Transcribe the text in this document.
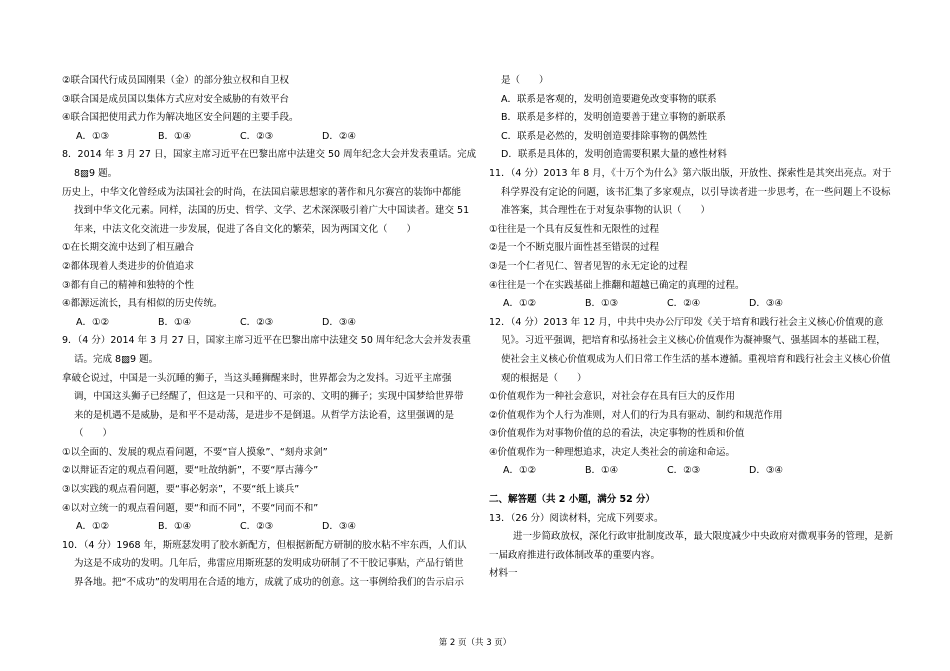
②联合国代行成员国刚果（金）的部分独立权和自卫权
③联合国是成员国以集体方式应对安全威胁的有效平台
④联合国把使用武力作为解决地区安全问题的主要手段。
A．①③	B．①④	C．②③	D．②④
8．2014 年 3 月 27 日，国家主席习近平在巴黎出席中法建交 50 周年纪念大会并发表重话。完成
8▨9 题。
历史上，中华文化曾经成为法国社会的时尚，在法国启蒙思想家的著作和凡尔赛宫的装饰中都能
找到中华文化元素。同样，法国的历史、哲学、文学、艺术深深吸引着广大中国读者。建交 51
年来，中法文化交流进一步发展，促进了各自文化的繁荣，因为两国文化（　　）
①在长期交流中达到了相互融合
②都体现着人类进步的价值追求
③都有自己的精神和独特的个性
④都源远流长，具有相似的历史传统。
A．①②	B．①④	C．②③	D．③④
9．（4 分）2014 年 3 月 27 日，国家主席习近平在巴黎出席中法建交 50 周年纪念大会并发表重
话。完成 8▨9 题。
拿破仑说过，中国是一头沉睡的狮子，当这头睡狮醒来时，世界都会为之发抖。习近平主席强
调，中国这头狮子已经醒了，但这是一只和平的、可亲的、文明的狮子；实现中国梦给世界带
来的是机遇不是威胁，是和平不是动荡，是进步不是倒退。从哲学方法论看，这里强调的是
（　　）
①以全面的、发展的观点看问题，不要“盲人摸象”、“刻舟求剑”
②以辩证否定的观点看问题，要“吐故纳新”，不要“厚古薄今”
③以实践的观点看问题，要“事必躬亲”，不要“纸上谈兵”
④以对立统一的观点看问题，要“和而不同”，不要“同而不和”
A．①②	B．①④	C．②③	D．③④
10．（4 分）1968 年，斯班瑟发明了胶水新配方，但根据新配方研制的胶水粘不牢东西，人们认
为这是不成功的发明。几年后，弗雷应用斯班瑟的发明成功研制了不干胶记事贴，产品行销世
界各地。把“不成功”的发明用在合适的地方，成就了成功的创意。这一事例给我们的告示启示
是（　　）
A．联系是客观的，发明创造要避免改变事物的联系
B．联系是多样的，发明创造要善于建立事物的新联系
C．联系是必然的，发明创造要排除事物的偶然性
D．联系是具体的，发明创造需要积累大量的感性材料
11．（4 分）2013 年 8 月，《十万个为什么》第六版出版，开放性、探索性是其突出亮点。对于
科学界没有定论的问题，该书汇集了多家观点，以引导读者进一步思考，在一些问题上不设标
准答案，其合理性在于对复杂事物的认识（　　）
①往往是一个具有反复性和无限性的过程
②是一个不断克服片面性甚至错误的过程
③是一个仁者见仁、智者见智的永无定论的过程
④往往是一个在实践基础上推翻和超越已确定的真理的过程。
A．①②	B．①③	C．②④	D．③④
12．（4 分）2013 年 12 月，中共中央办公厅印发《关于培育和践行社会主义核心价值观的意
见》。习近平强调，把培育和弘扬社会主义核心价值观作为凝神聚气、强基固本的基础工程，
使社会主义核心价值观成为人们日常工作生活的基本遵循。重视培育和践行社会主义核心价值
观的根据是（　　）
①价值观作为一种社会意识，对社会存在具有巨大的反作用
②价值观作为个人行为准则，对人们的行为具有驱动、制约和规范作用
③价值观作为对事物价值的总的看法，决定事物的性质和价值
④价值观作为一种理想追求，决定人类社会的前途和命运。
A．①②	B．①④	C．②③	D．③④
二、解答题（共 2 小题，满分 52 分）
13．（26 分）阅读材料，完成下列要求。
进一步简政放权，深化行政审批制度改革，最大限度减少中央政府对微观事务的管理，是新
一届政府推进行政体制改革的重要内容。
材料一
第 2 页（共 3 页）
